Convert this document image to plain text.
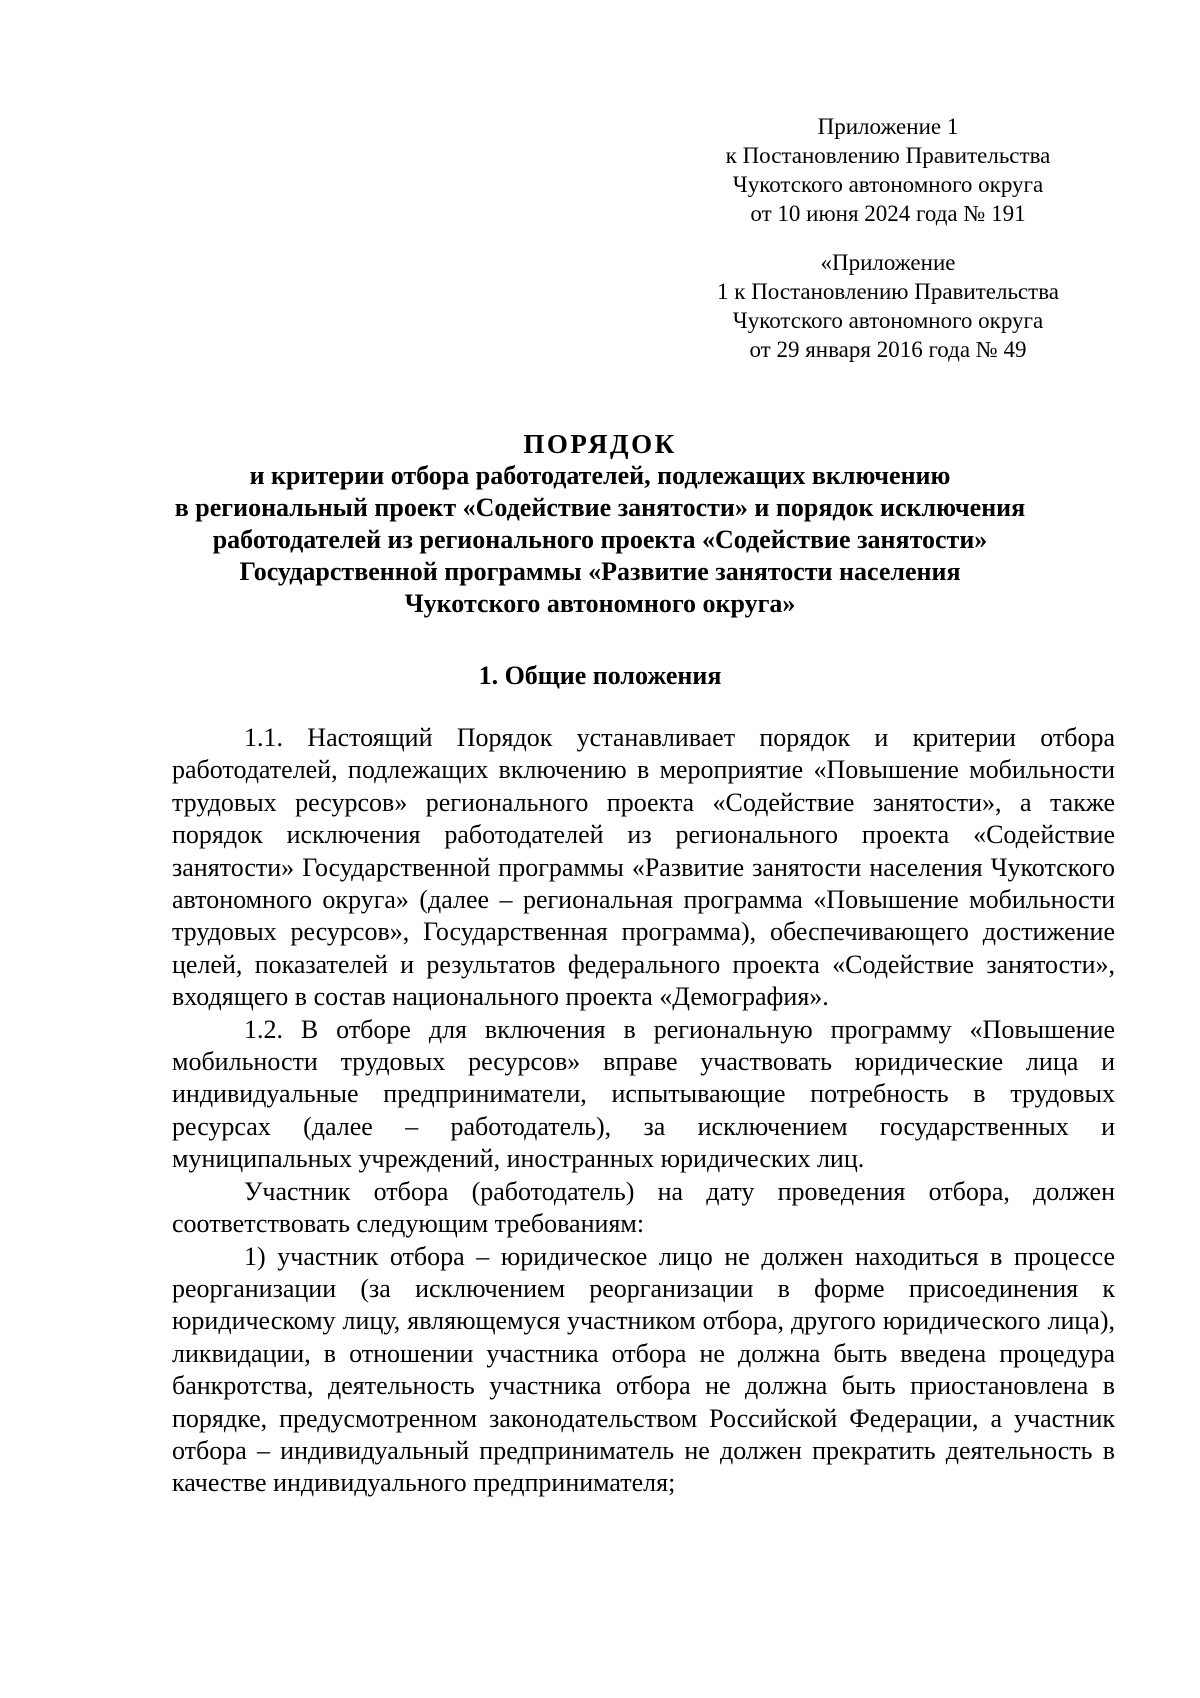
Приложение 1
к Постановлению Правительства
Чукотского автономного округа
от 10 июня 2024 года № 191
«Приложение
1 к Постановлению Правительства
Чукотского автономного округа
от 29 января 2016 года № 49
ПОРЯДОК
и критерии отбора работодателей, подлежащих включению
в региональный проект «Содействие занятости» и порядок исключения
работодателей из регионального проекта «Содействие занятости»
Государственной программы «Развитие занятости населения
Чукотского автономного округа»
1. Общие положения

1.1. Настоящий Порядок устанавливает порядок и критерии отбора работодателей, подлежащих включению в мероприятие «Повышение мобильности трудовых ресурсов» регионального проекта «Содействие занятости», а также порядок исключения работодателей из регионального проекта «Содействие занятости» Государственной программы «Развитие занятости населения Чукотского автономного округа» (далее – региональная программа «Повышение мобильности трудовых ресурсов», Государственная программа), обеспечивающего достижение целей, показателей и результатов федерального проекта «Содействие занятости», входящего в состав национального проекта «Демография».

1.2. В отборе для включения в региональную программу «Повышение мобильности трудовых ресурсов» вправе участвовать юридические лица и индивидуальные предприниматели, испытывающие потребность в трудовых ресурсах (далее – работодатель), за исключением государственных и муниципальных учреждений, иностранных юридических лиц.

Участник отбора (работодатель) на дату проведения отбора, должен соответствовать следующим требованиям:

1) участник отбора – юридическое лицо не должен находиться в процессе реорганизации (за исключением реорганизации в форме присоединения к юридическому лицу, являющемуся участником отбора, другого юридического лица), ликвидации, в отношении участника отбора не должна быть введена процедура банкротства, деятельность участника отбора не должна быть приостановлена в порядке, предусмотренном законодательством Российской Федерации, а участник отбора – индивидуальный предприниматель не должен прекратить деятельность в качестве индивидуального предпринимателя;
